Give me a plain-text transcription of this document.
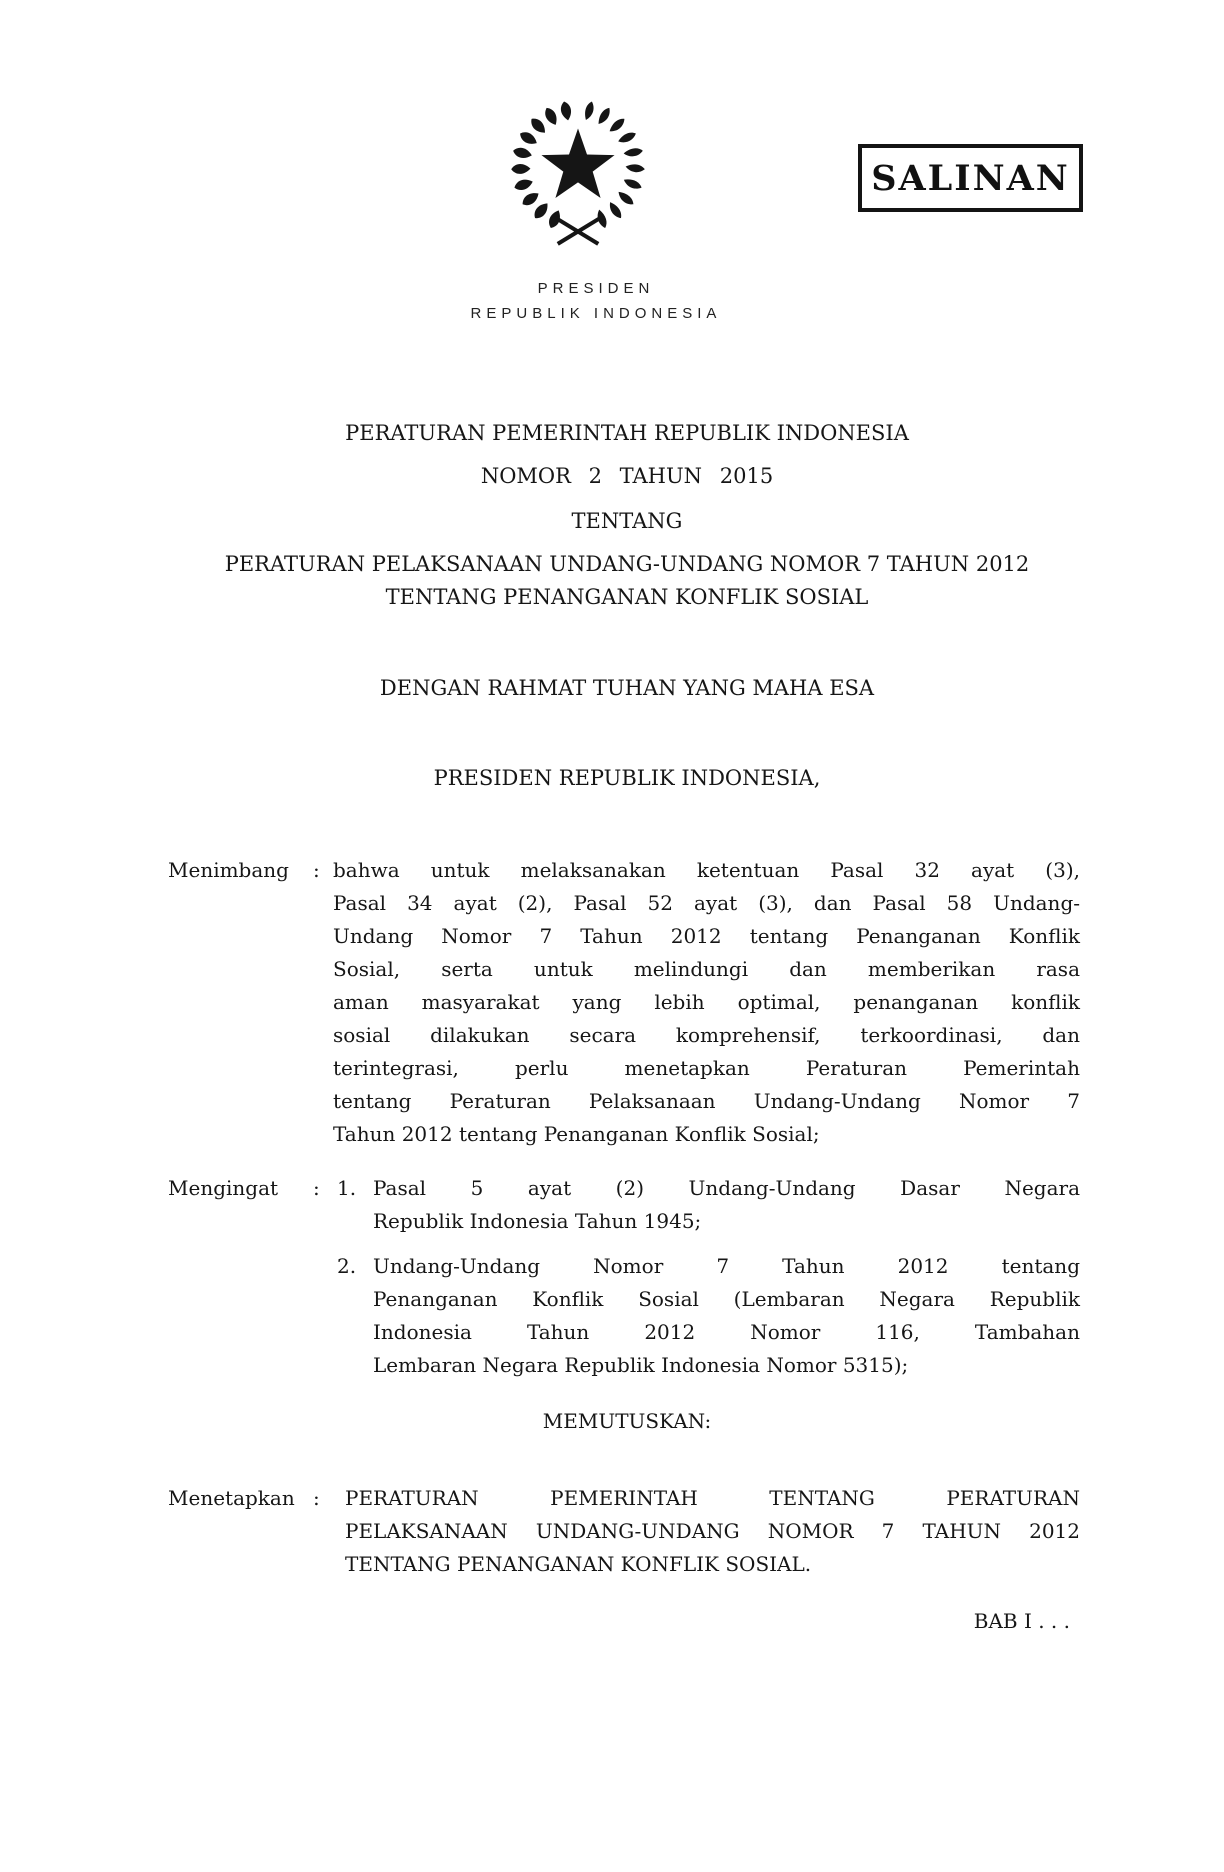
PRESIDEN
REPUBLIK INDONESIA
SALINAN
PERATURAN PEMERINTAH REPUBLIK INDONESIA
NOMOR 2 TAHUN 2015
TENTANG
PERATURAN PELAKSANAAN UNDANG-UNDANG NOMOR 7 TAHUN 2012
TENTANG PENANGANAN KONFLIK SOSIAL
DENGAN RAHMAT TUHAN YANG MAHA ESA
PRESIDEN REPUBLIK INDONESIA,
Menimbang : bahwa untuk melaksanakan ketentuan Pasal 32 ayat (3),
Pasal 34 ayat (2), Pasal 52 ayat (3), dan Pasal 58 Undang-
Undang Nomor 7 Tahun 2012 tentang Penanganan Konflik
Sosial, serta untuk melindungi dan memberikan rasa
aman masyarakat yang lebih optimal, penanganan konflik
sosial dilakukan secara komprehensif, terkoordinasi, dan
terintegrasi, perlu menetapkan Peraturan Pemerintah
tentang Peraturan Pelaksanaan Undang-Undang Nomor 7
Tahun 2012 tentang Penanganan Konflik Sosial;
Mengingat : 1. Pasal 5 ayat (2) Undang-Undang Dasar Negara
Republik Indonesia Tahun 1945;
2. Undang-Undang Nomor 7 Tahun 2012 tentang
Penanganan Konflik Sosial (Lembaran Negara Republik
Indonesia Tahun 2012 Nomor 116, Tambahan
Lembaran Negara Republik Indonesia Nomor 5315);
MEMUTUSKAN:
Menetapkan : PERATURAN PEMERINTAH TENTANG PERATURAN
PELAKSANAAN UNDANG-UNDANG NOMOR 7 TAHUN 2012
TENTANG PENANGANAN KONFLIK SOSIAL.
BAB I . . .
